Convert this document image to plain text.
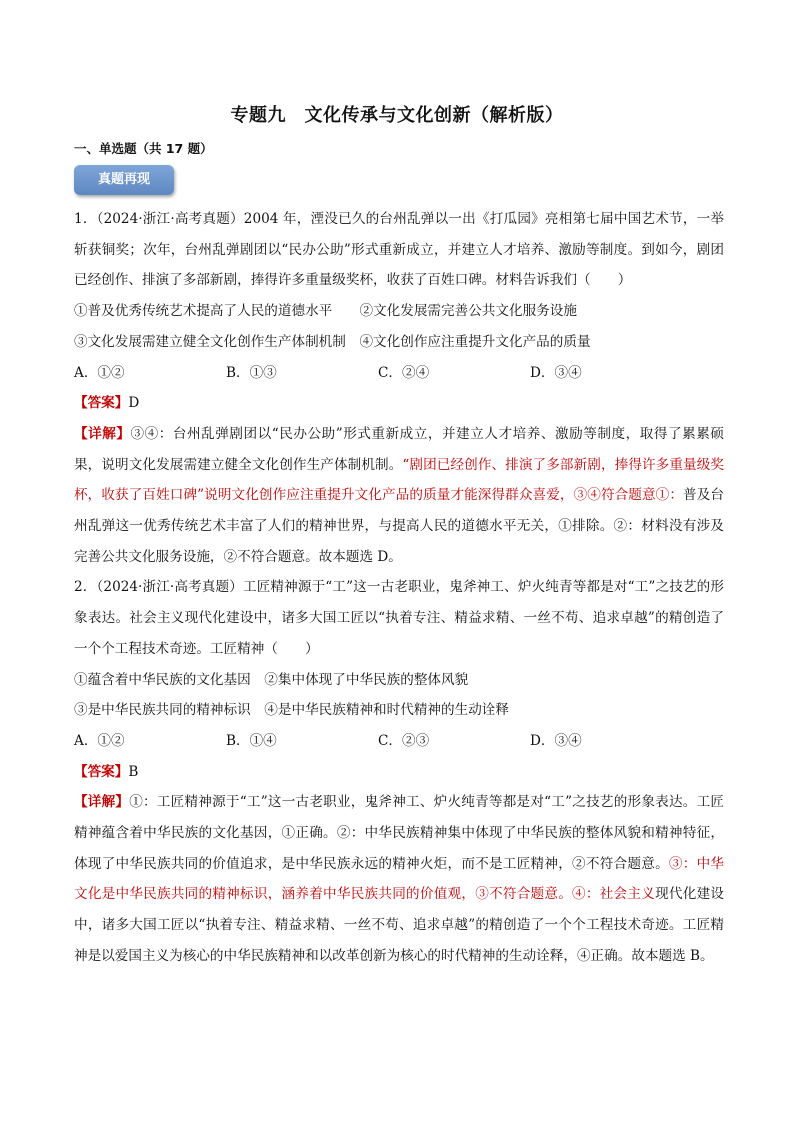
专题九　文化传承与文化创新（解析版）
一、单选题（共 17 题）
真题再现

1．（2024·浙江·高考真题）2004 年，湮没已久的台州乱弹以一出《打瓜园》亮相第七届中国艺术节，一举斩获铜奖；次年，台州乱弹剧团以“民办公助”形式重新成立，并建立人才培养、激励等制度。到如今，剧团已经创作、排演了多部新剧，捧得许多重量级奖杯，收获了百姓口碑。材料告诉我们（　　）

①普及优秀传统艺术提高了人民的道德水平　　②文化发展需完善公共文化服务设施

③文化发展需建立健全文化创作生产体制机制　④文化创作应注重提升文化产品的质量

A．①②	B．①③	C．②④	D．③④

【答案】D

【详解】③④：台州乱弹剧团以“民办公助”形式重新成立，并建立人才培养、激励等制度，取得了累累硕果，说明文化发展需建立健全文化创作生产体制机制。“剧团已经创作、排演了多部新剧，捧得许多重量级奖杯，收获了百姓口碑”说明文化创作应注重提升文化产品的质量才能深得群众喜爱，③④符合题意①：普及台州乱弹这一优秀传统艺术丰富了人们的精神世界，与提高人民的道德水平无关，①排除。②：材料没有涉及完善公共文化服务设施，②不符合题意。故本题选 D。

2．（2024·浙江·高考真题）工匠精神源于“工”这一古老职业，鬼斧神工、炉火纯青等都是对“工”之技艺的形象表达。社会主义现代化建设中，诸多大国工匠以“执着专注、精益求精、一丝不苟、追求卓越”的精创造了一个个工程技术奇迹。工匠精神（　　）

①蕴含着中华民族的文化基因　②集中体现了中华民族的整体风貌

③是中华民族共同的精神标识　④是中华民族精神和时代精神的生动诠释

A．①②	B．①④	C．②③	D．③④

【答案】B

【详解】①：工匠精神源于“工”这一古老职业，鬼斧神工、炉火纯青等都是对“工”之技艺的形象表达。工匠精神蕴含着中华民族的文化基因，①正确。②：中华民族精神集中体现了中华民族的整体风貌和精神特征，体现了中华民族共同的价值追求，是中华民族永远的精神火炬，而不是工匠精神，②不符合题意。③：中华文化是中华民族共同的精神标识，涵养着中华民族共同的价值观，③不符合题意。④：社会主义现代化建设中，诸多大国工匠以“执着专注、精益求精、一丝不苟、追求卓越”的精创造了一个个工程技术奇迹。工匠精神是以爱国主义为核心的中华民族精神和以改革创新为核心的时代精神的生动诠释，④正确。故本题选 B。
